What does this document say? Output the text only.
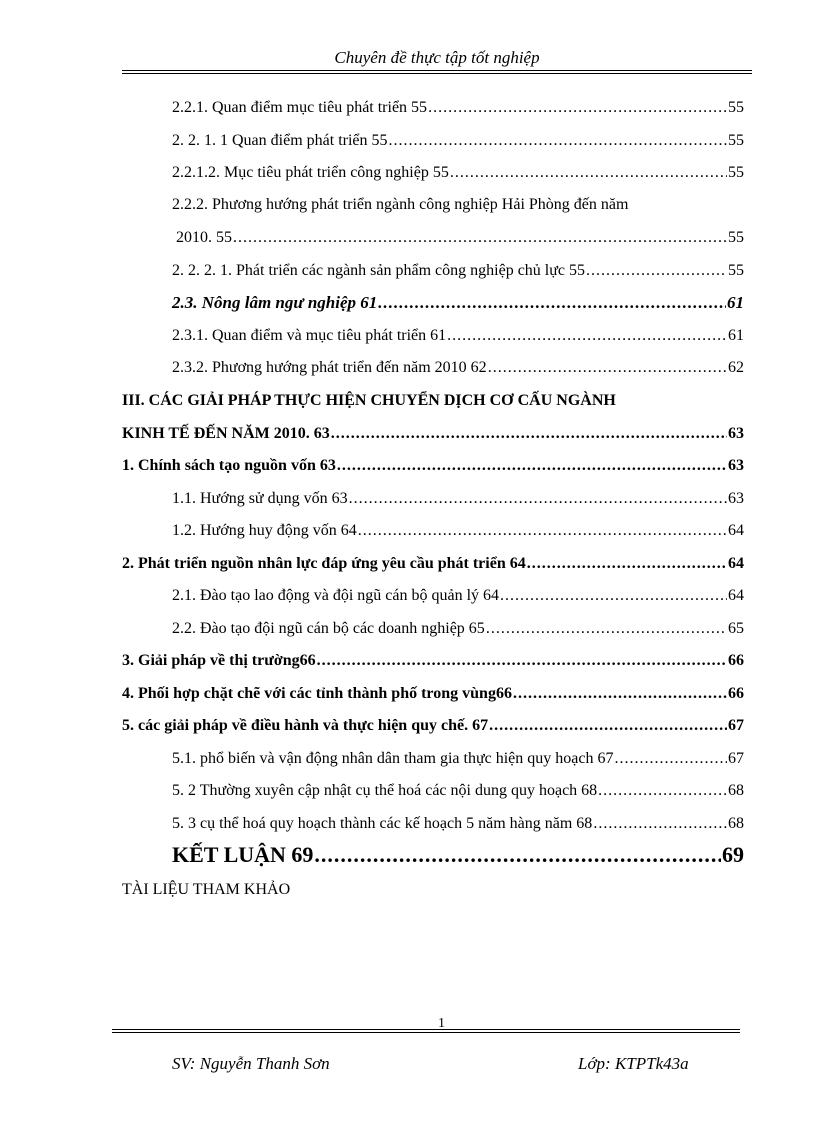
Chuyên đề thực tập tốt nghiệp
2.2.1. Quan điểm mục tiêu phát triển 55 .....	55
2. 2. 1. 1 Quan điểm phát triển 55 .....	55
2.2.1.2. Mục tiêu phát triển công nghiệp 55 .....	55
2.2.2. Phương hướng phát triển ngành công nghiệp Hải Phòng đến năm
2010. 55 .....	55
2. 2. 2. 1. Phát triển các ngành sản phẩm công nghiệp chủ lực 55 .....	55
2.3. Nông lâm ngư nghiệp 61 .....	61
2.3.1. Quan điểm và mục tiêu phát triển 61 .....	61
2.3.2. Phương hướng phát triển đến năm 2010 62 .....	62
III. CÁC GIẢI PHÁP THỰC HIỆN CHUYỂN DỊCH CƠ CẤU NGÀNH
KINH TẾ ĐẾN NĂM 2010. 63 .....	63
1. Chính sách tạo nguồn vốn 63 .....	63
1.1. Hướng sử dụng vốn 63 .....	63
1.2. Hướng huy động vốn 64 .....	64
2. Phát triển nguồn nhân lực đáp ứng yêu cầu phát triển 64 .....	64
2.1. Đào tạo lao động và đội ngũ cán bộ quản lý 64 .....	64
2.2. Đào tạo đội ngũ cán bộ các doanh nghiệp 65 .....	65
3. Giải pháp về thị trường66 .....	66
4. Phối hợp chặt chẽ với các tỉnh thành phố trong vùng66 .....	66
5. các giải pháp về điều hành và thực hiện quy chế. 67 .....	67
5.1. phổ biến và vận động nhân dân tham gia thực hiện quy hoạch 67 .....	67
5. 2 Thường xuyên cập nhật cụ thể hoá các nội dung quy hoạch 68 .....	68
5. 3 cụ thể hoá quy hoạch thành các kế hoạch 5 năm hàng năm 68 .....	68
KẾT LUẬN 69 .....	69
TÀI LIỆU THAM KHẢO
1
SV: Nguyễn Thanh Sơn	Lớp: KTPTk43a
